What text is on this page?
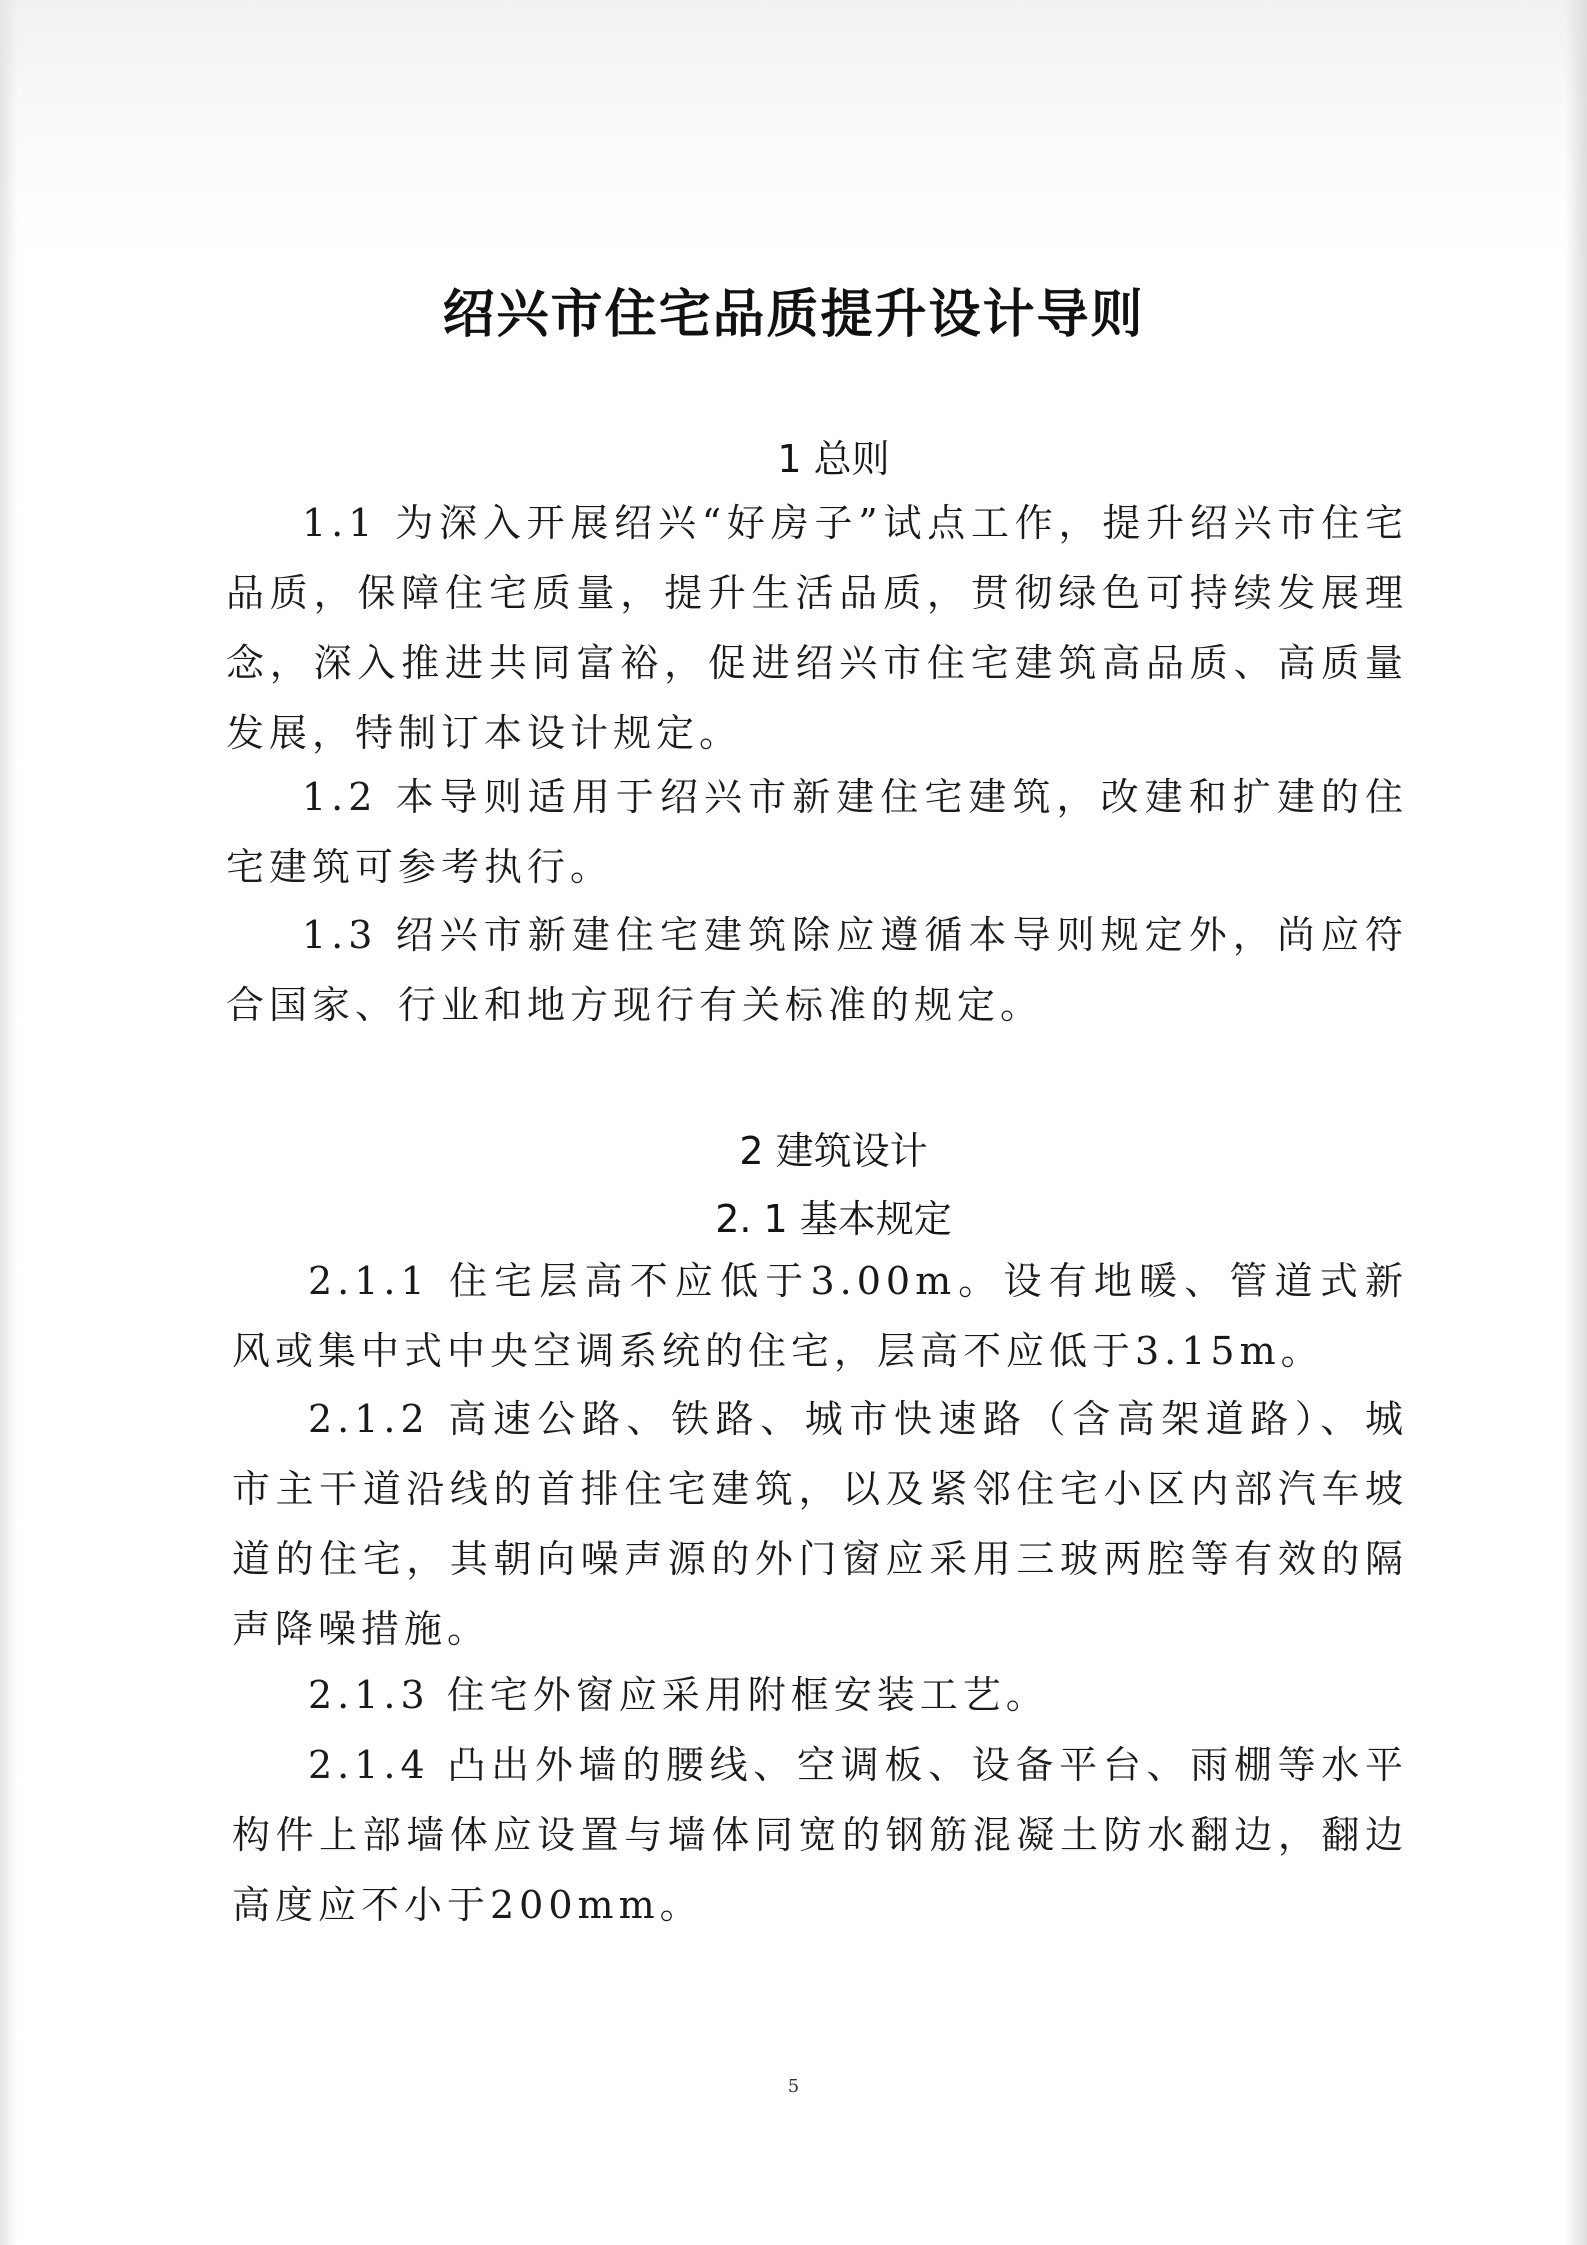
绍兴市住宅品质提升设计导则
1 总则
1.1 为深入开展绍兴“好房子”试点工作，提升绍兴市住宅品质，保障住宅质量，提升生活品质，贯彻绿色可持续发展理念，深入推进共同富裕，促进绍兴市住宅建筑高品质、高质量发展，特制订本设计规定。
1.2 本导则适用于绍兴市新建住宅建筑，改建和扩建的住宅建筑可参考执行。
1.3 绍兴市新建住宅建筑除应遵循本导则规定外，尚应符合国家、行业和地方现行有关标准的规定。
2 建筑设计
2. 1 基本规定
2.1.1 住宅层高不应低于3.00m。设有地暖、管道式新风或集中式中央空调系统的住宅，层高不应低于3.15m。
2.1.2 高速公路、铁路、城市快速路（含高架道路）、城市主干道沿线的首排住宅建筑，以及紧邻住宅小区内部汽车坡道的住宅，其朝向噪声源的外门窗应采用三玻两腔等有效的隔声降噪措施。
2.1.3 住宅外窗应采用附框安装工艺。
2.1.4 凸出外墙的腰线、空调板、设备平台、雨棚等水平构件上部墙体应设置与墙体同宽的钢筋混凝土防水翻边，翻边高度应不小于200mm。
5
